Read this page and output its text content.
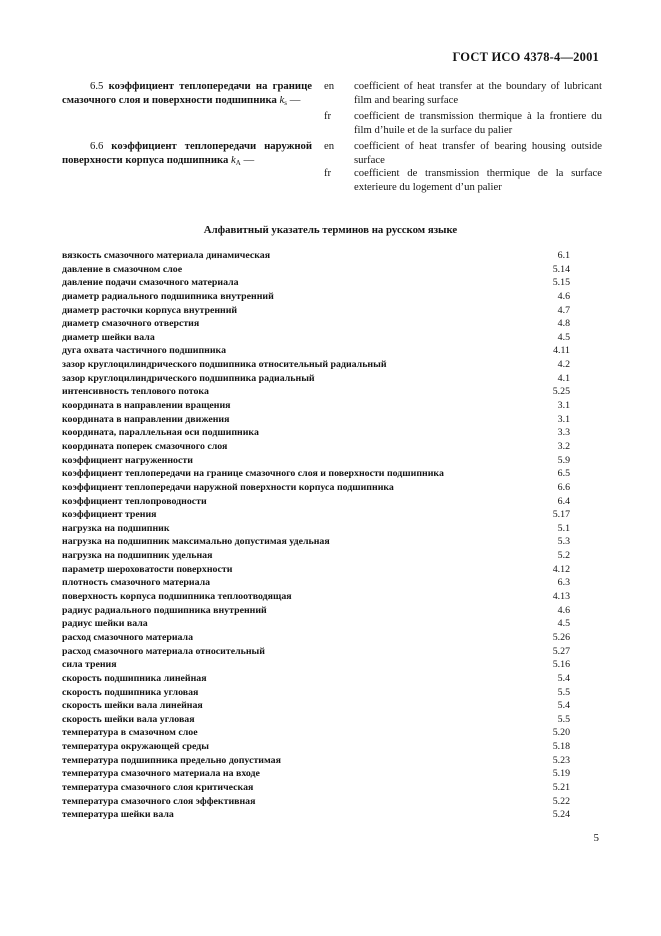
ГОСТ ИСО 4378-4—2001
6.5 коэффициент теплопередачи на границе смазочного слоя и поверхности подшипника $k_s$ —
en	coefficient of heat transfer at the boundary of lubricant film and bearing surface
fr	coefficient de transmission thermique à la frontiere du film d’huile et de la surface du palier
6.6 коэффициент теплопередачи наружной поверхности корпуса подшипника $k_A$ —
en	coefficient of heat transfer of bearing housing outside surface
fr	coefficient de transmission thermique de la surface exterieure du logement d’un palier
Алфавитный указатель терминов на русском языке
вязкость смазочного материала динамическая	6.1
давление в смазочном слое	5.14
давление подачи смазочного материала	5.15
диаметр радиального подшипника внутренний	4.6
диаметр расточки корпуса внутренний	4.7
диаметр смазочного отверстия	4.8
диаметр шейки вала	4.5
дуга охвата частичного подшипника	4.11
зазор круглоцилиндрического подшипника относительный радиальный	4.2
зазор круглоцилиндрического подшипника радиальный	4.1
интенсивность теплового потока	5.25
координата в направлении вращения	3.1
координата в направлении движения	3.1
координата, параллельная оси подшипника	3.3
координата поперек смазочного слоя	3.2
коэффициент нагруженности	5.9
коэффициент теплопередачи на границе смазочного слоя и поверхности подшипника	6.5
коэффициент теплопередачи наружной поверхности корпуса подшипника	6.6
коэффициент теплопроводности	6.4
коэффициент трения	5.17
нагрузка на подшипник	5.1
нагрузка на подшипник максимально допустимая удельная	5.3
нагрузка на подшипник удельная	5.2
параметр шероховатости поверхности	4.12
плотность смазочного материала	6.3
поверхность корпуса подшипника теплоотводящая	4.13
радиус радиального подшипника внутренний	4.6
радиус шейки вала	4.5
расход смазочного материала	5.26
расход смазочного материала относительный	5.27
сила трения	5.16
скорость подшипника линейная	5.4
скорость подшипника угловая	5.5
скорость шейки вала линейная	5.4
скорость шейки вала угловая	5.5
температура в смазочном слое	5.20
температура окружающей среды	5.18
температура подшипника предельно допустимая	5.23
температура смазочного материала на входе	5.19
температура смазочного слоя критическая	5.21
температура смазочного слоя эффективная	5.22
температура шейки вала	5.24
5
